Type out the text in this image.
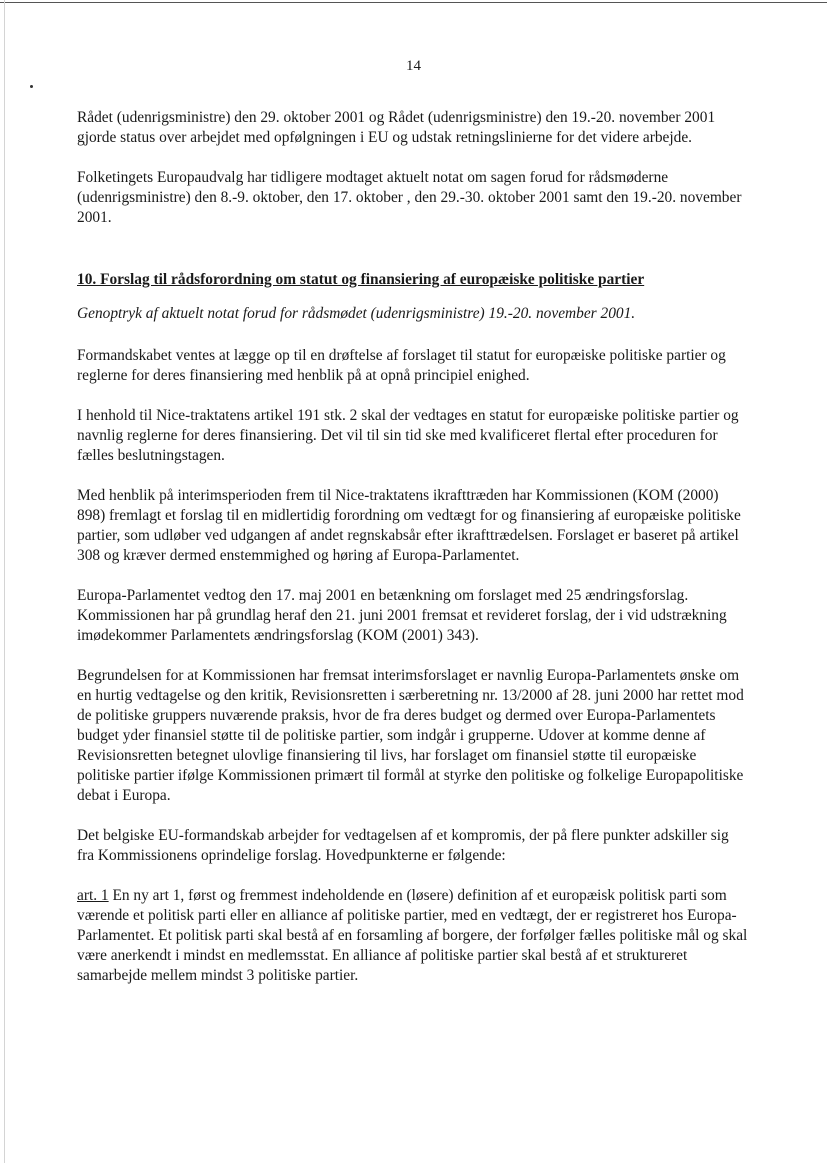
14

Rådet (udenrigsministre) den 29. oktober 2001 og Rådet (udenrigsministre) den 19.-20. november 2001 gjorde status over arbejdet med opfølgningen i EU og udstak retningslinierne for det videre arbejde.

Folketingets Europaudvalg har tidligere modtaget aktuelt notat om sagen forud for rådsmøderne (udenrigsministre) den 8.-9. oktober, den 17. oktober , den 29.-30. oktober 2001 samt den 19.-20. november 2001.

10. Forslag til rådsforordning om statut og finansiering af europæiske politiske partier

Genoptryk af aktuelt notat forud for rådsmødet (udenrigsministre) 19.-20. november 2001.

Formandskabet ventes at lægge op til en drøftelse af forslaget til statut for europæiske politiske partier og reglerne for deres finansiering med henblik på at opnå principiel enighed.

I henhold til Nice-traktatens artikel 191 stk. 2 skal der vedtages en statut for europæiske politiske partier og navnlig reglerne for deres finansiering. Det vil til sin tid ske med kvalificeret flertal efter proceduren for fælles beslutningstagen.

Med henblik på interimsperioden frem til Nice-traktatens ikrafttræden har Kommissionen (KOM (2000) 898) fremlagt et forslag til en midlertidig forordning om vedtægt for og finansiering af europæiske politiske partier, som udløber ved udgangen af andet regnskabsår efter ikrafttrædelsen. Forslaget er baseret på artikel 308 og kræver dermed enstemmighed og høring af Europa-Parlamentet.

Europa-Parlamentet vedtog den 17. maj 2001 en betænkning om forslaget med 25 ændringsforslag. Kommissionen har på grundlag heraf den 21. juni 2001 fremsat et revideret forslag, der i vid udstrækning imødekommer Parlamentets ændringsforslag (KOM (2001) 343).

Begrundelsen for at Kommissionen har fremsat interimsforslaget er navnlig Europa-Parlamentets ønske om en hurtig vedtagelse og den kritik, Revisionsretten i særberetning nr. 13/2000 af 28. juni 2000 har rettet mod de politiske gruppers nuværende praksis, hvor de fra deres budget og dermed over Europa-Parlamentets budget yder finansiel støtte til de politiske partier, som indgår i grupperne. Udover at komme denne af Revisionsretten betegnet ulovlige finansiering til livs, har forslaget om finansiel støtte til europæiske politiske partier ifølge Kommissionen primært til formål at styrke den politiske og folkelige Europapolitiske debat i Europa.

Det belgiske EU-formandskab arbejder for vedtagelsen af et kompromis, der på flere punkter adskiller sig fra Kommissionens oprindelige forslag. Hovedpunkterne er følgende:

art. 1 En ny art 1, først og fremmest indeholdende en (løsere) definition af et europæisk politisk parti som værende et politisk parti eller en alliance af politiske partier, med en vedtægt, der er registreret hos Europa-Parlamentet. Et politisk parti skal bestå af en forsamling af borgere, der forfølger fælles politiske mål og skal være anerkendt i mindst en medlemsstat. En alliance af politiske partier skal bestå af et struktureret samarbejde mellem mindst 3 politiske partier.
